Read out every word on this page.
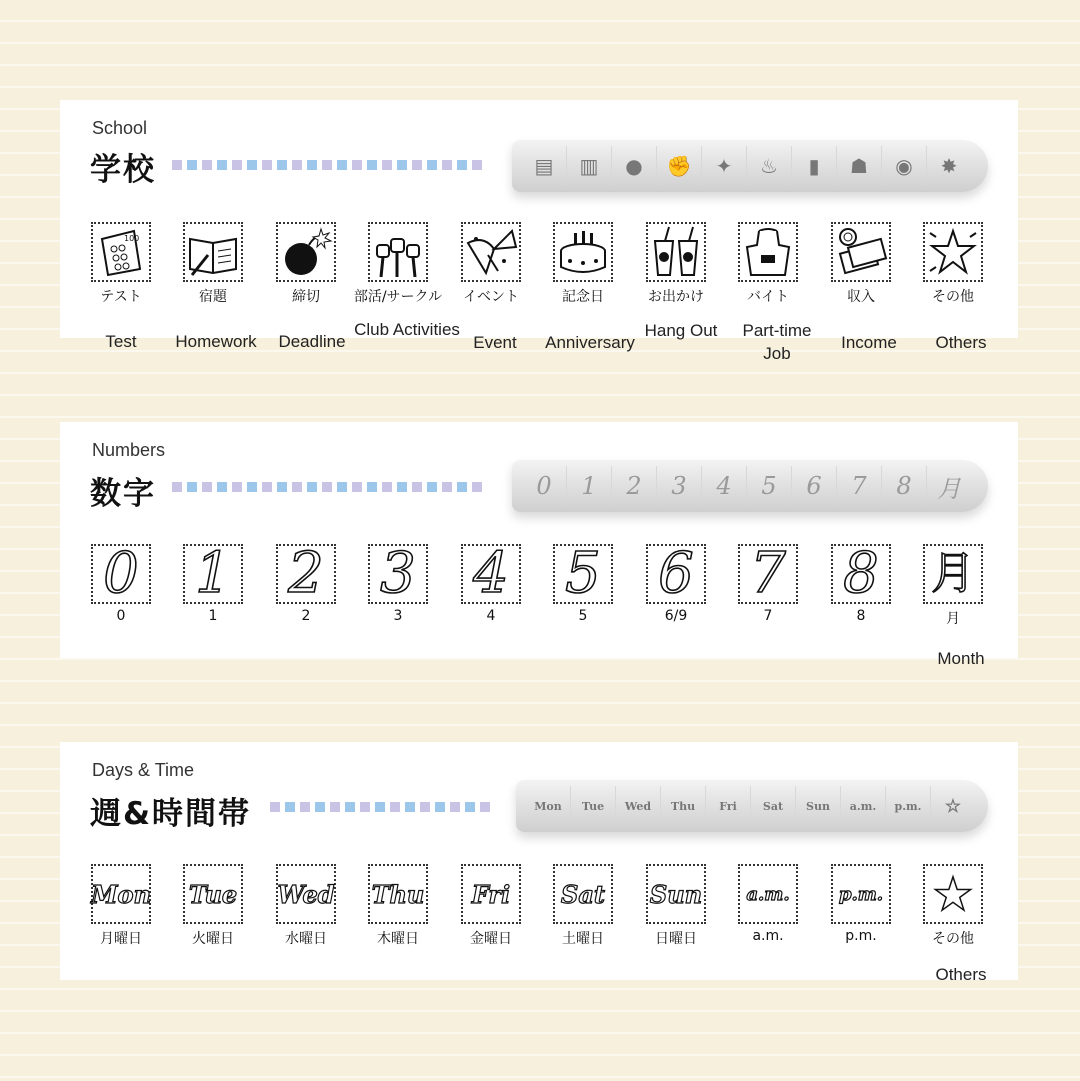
School
学校	▤	▥	●	✊	✦	♨	▮	☗	◉	✸
100
テスト	宿題	締切	部活/サークル	イベント	記念日	お出かけ	バイト	収入	その他
Test	Homework	Deadline
Club Activities
Event	Anniversary
Hang Out	Part-time Job
Income	Others
Numbers
数字	0	1	2	3	4	5	6	7	8	月
0
0
1
1
2
2
3
3
4
4
5
5
6
6/9
7
7
8
8
月
月
Month
Days & Time
週&時間帯	Mon	Tue	Wed	Thu	Fri	Sat	Sun	a.m.	p.m.	☆
Mon
月曜日
Tue
火曜日
Wed
水曜日
Thu
木曜日
Fri
金曜日
Sat
土曜日
Sun
日曜日
a.m.
a.m.
p.m.
p.m.
★
その他
Others
